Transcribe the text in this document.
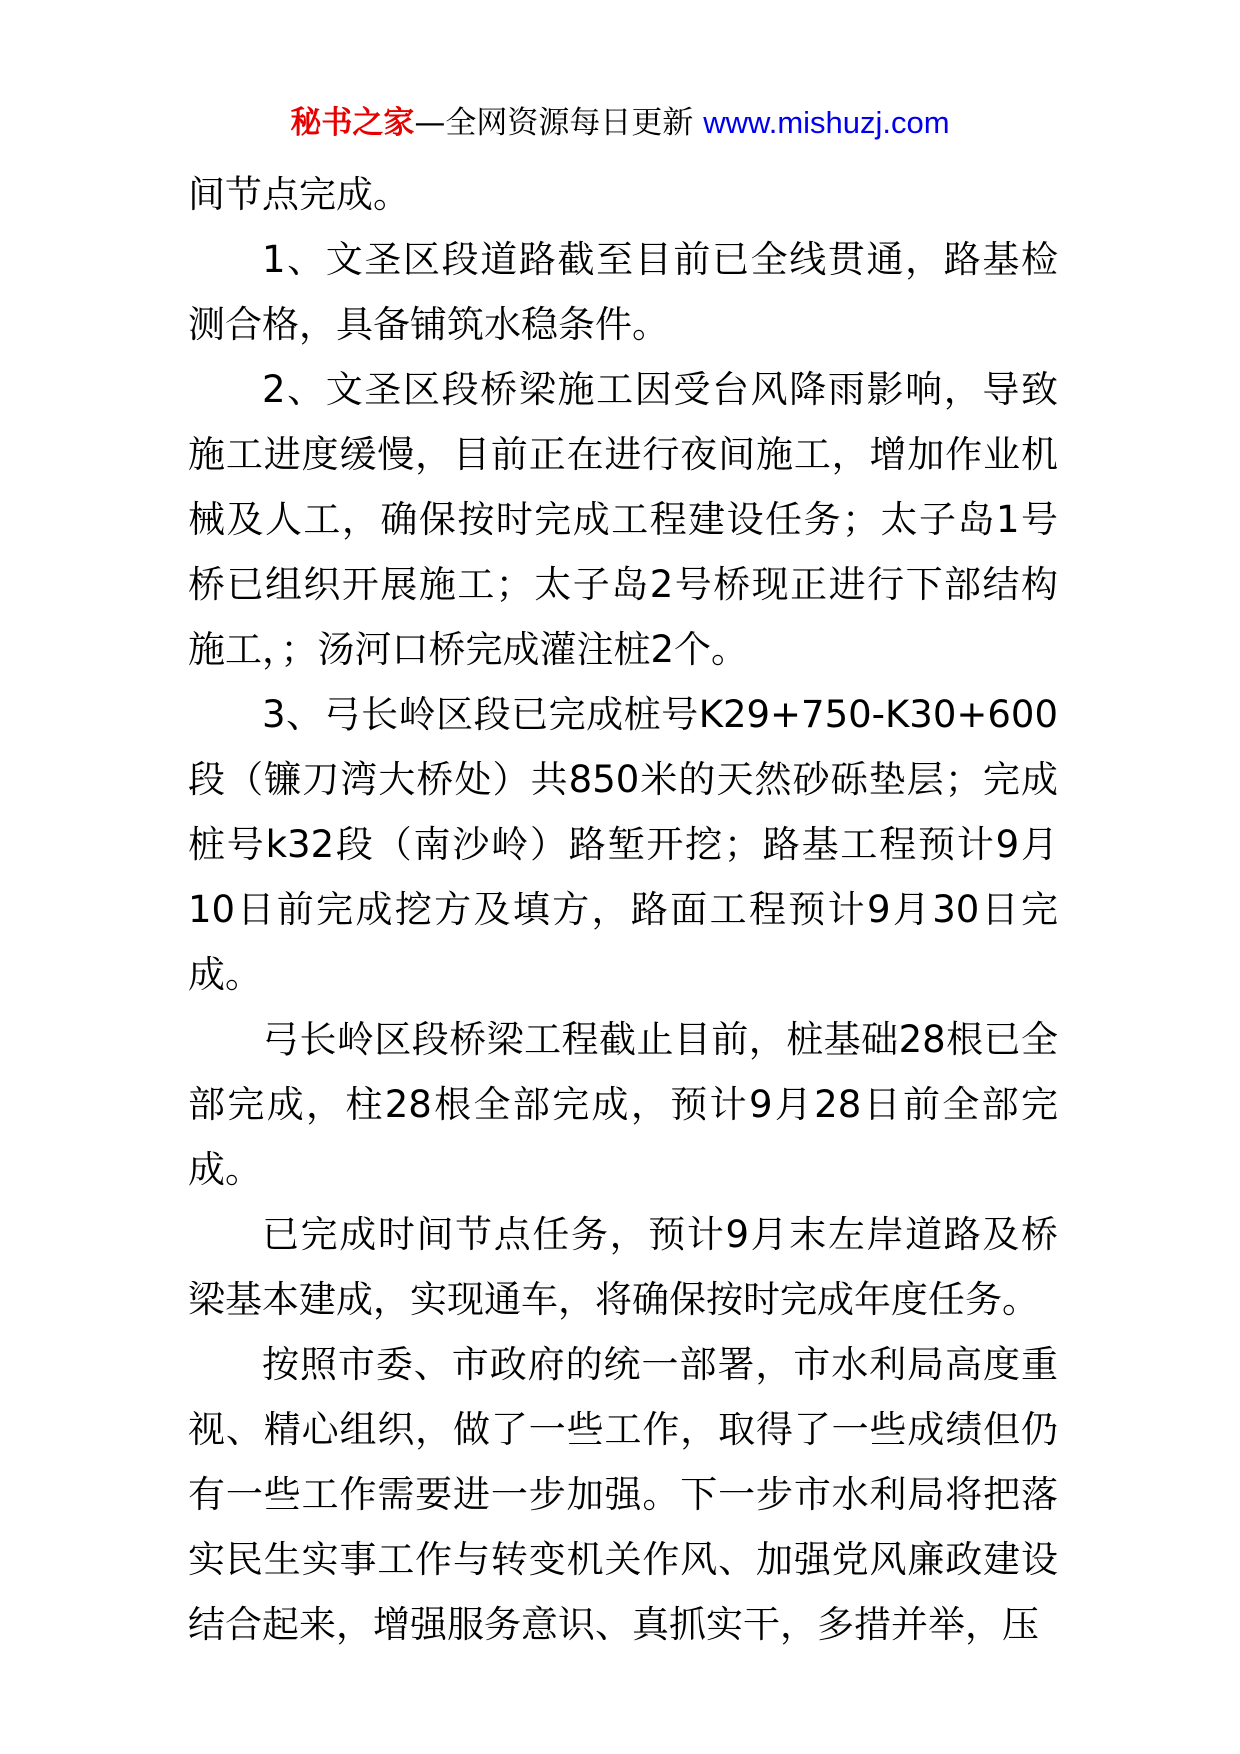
秘书之家—全网资源每日更新 www.mishuzj.com

间节点完成。

1、文圣区段道路截至目前已全线贯通，路基检测合格，具备铺筑水稳条件。

2、文圣区段桥梁施工因受台风降雨影响，导致施工进度缓慢，目前正在进行夜间施工，增加作业机械及人工，确保按时完成工程建设任务；太子岛1号桥已组织开展施工；太子岛2号桥现正进行下部结构施工，；汤河口桥完成灌注桩2个。

3、弓长岭区段已完成桩号K29+750-K30+600段（镰刀湾大桥处）共850米的天然砂砾垫层；完成桩号k32段（南沙岭）路堑开挖；路基工程预计9月10日前完成挖方及填方，路面工程预计9月30日完成。

弓长岭区段桥梁工程截止目前，桩基础28根已全部完成，柱28根全部完成，预计9月28日前全部完成。

已完成时间节点任务，预计9月末左岸道路及桥梁基本建成，实现通车，将确保按时完成年度任务。

按照市委、市政府的统一部署，市水利局高度重视、精心组织，做了一些工作，取得了一些成绩但仍有一些工作需要进一步加强。下一步市水利局将把落实民生实事工作与转变机关作风、加强党风廉政建设结合起来，增强服务意识、真抓实干，多措并举，压
